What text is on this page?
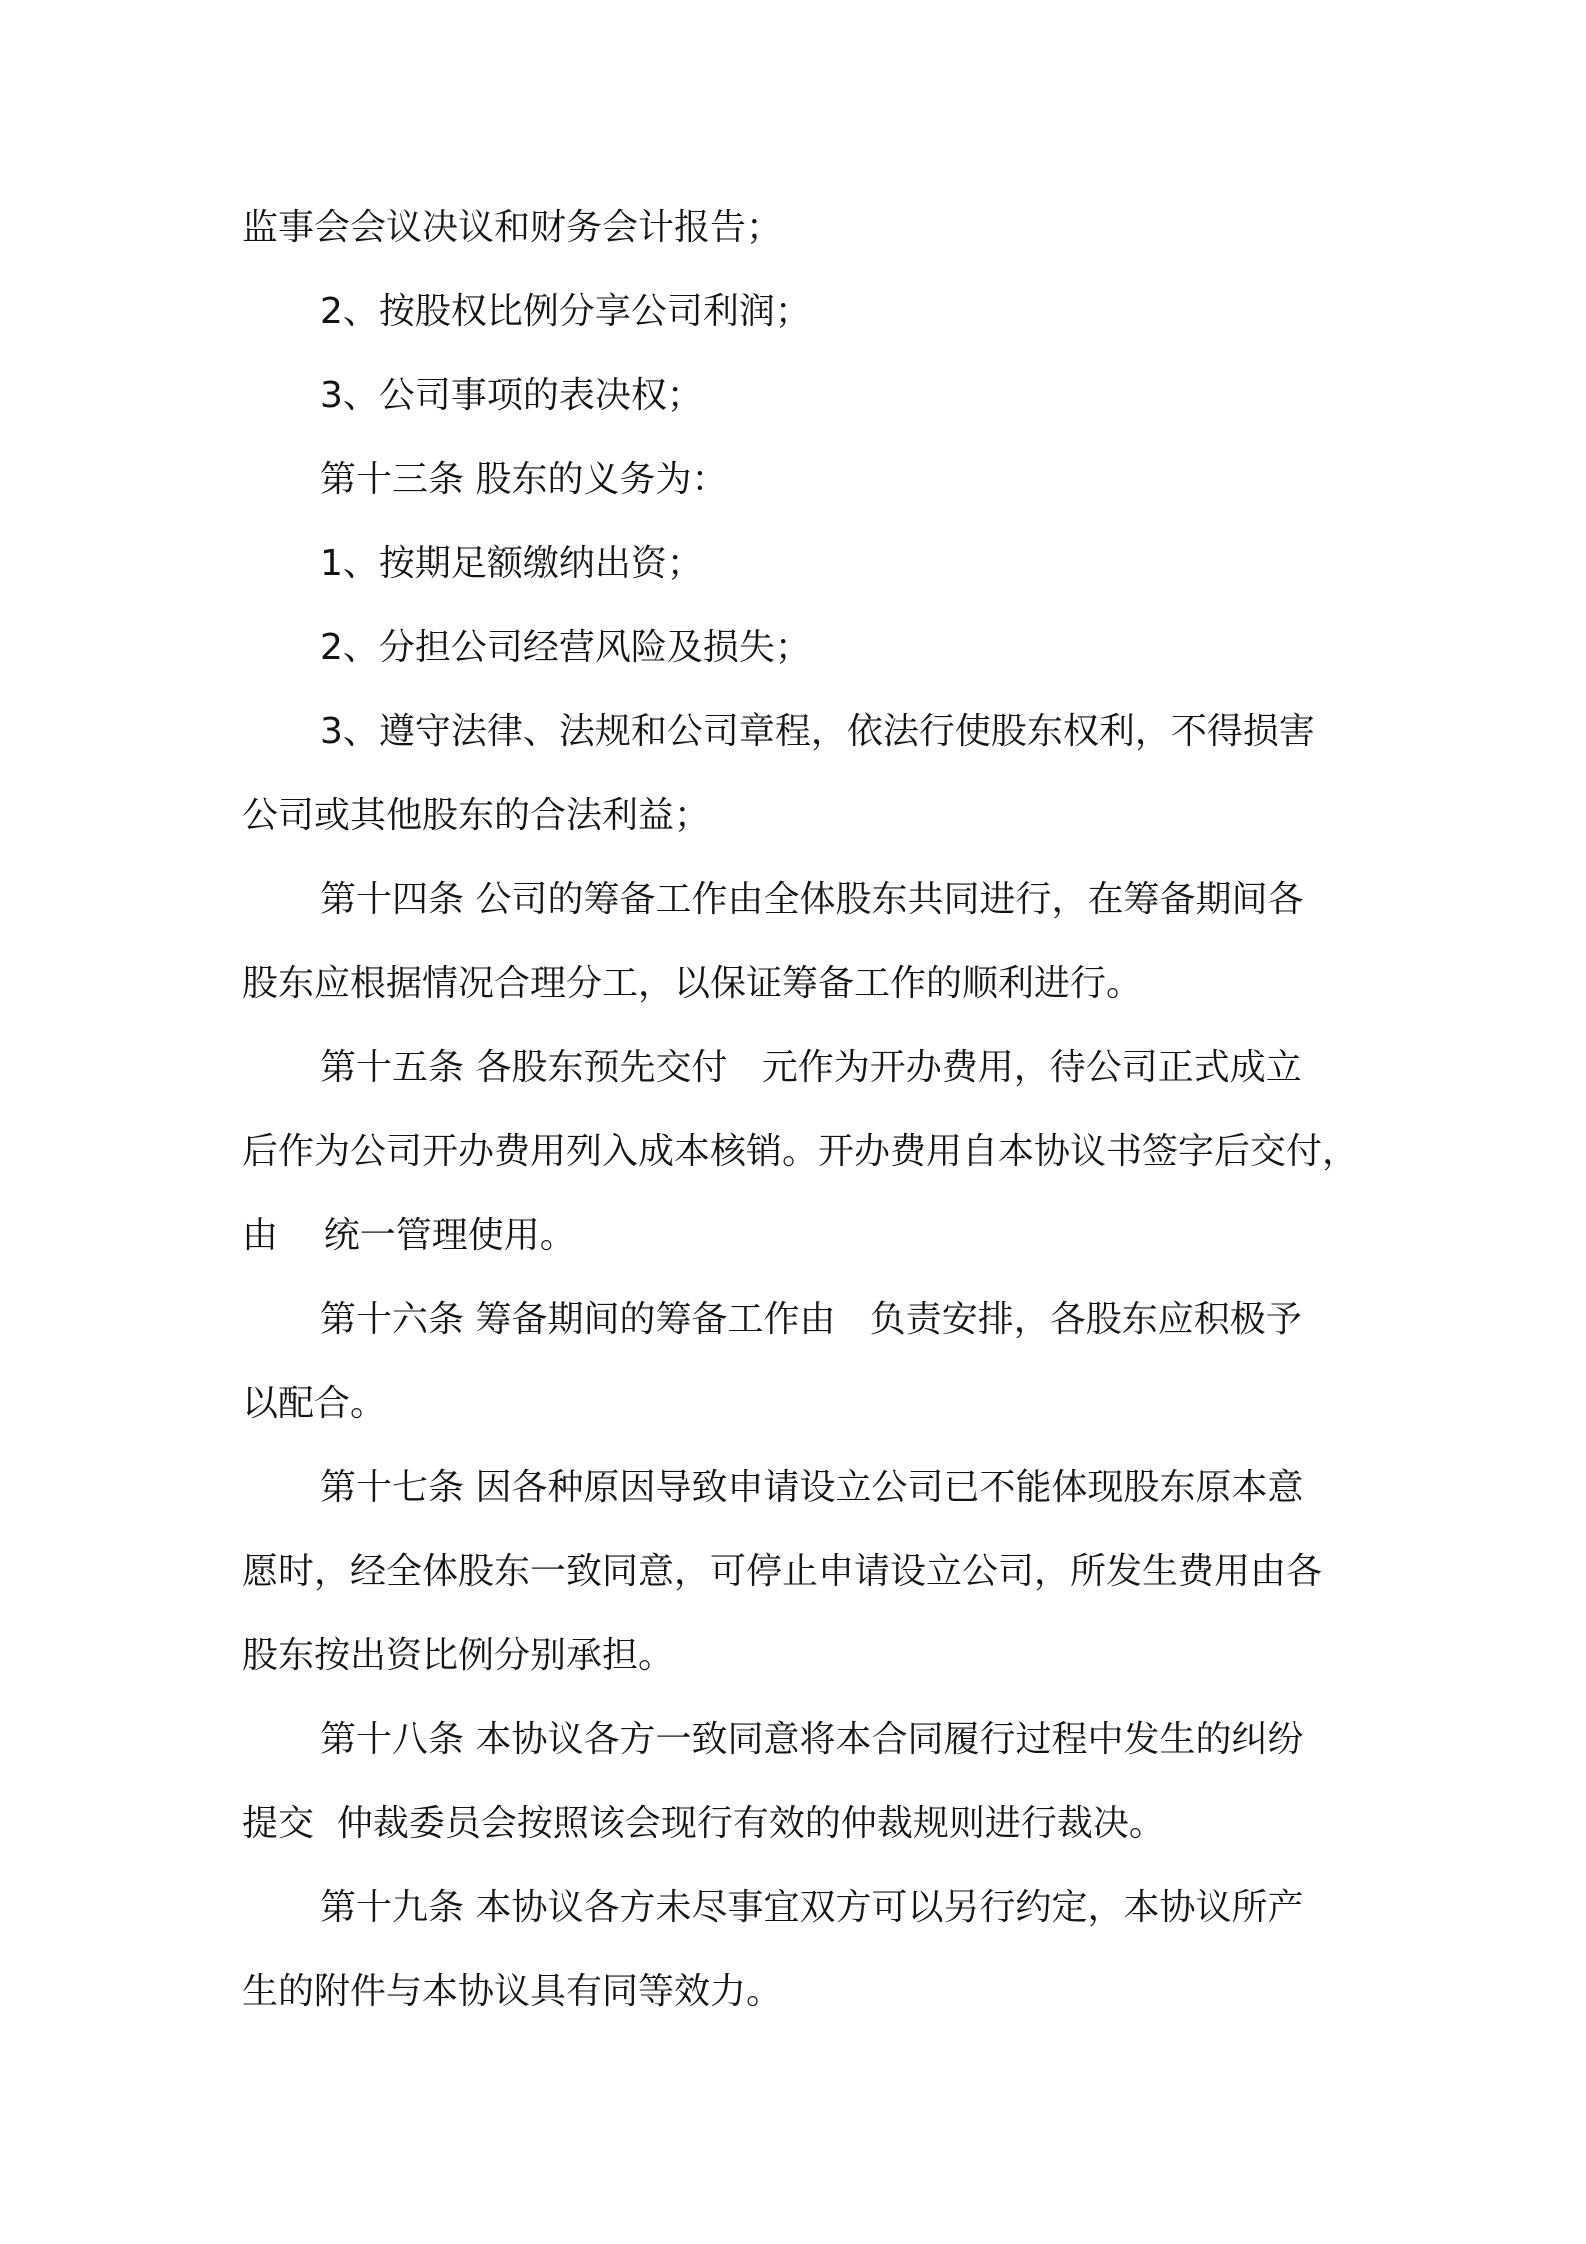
监事会会议决议和财务会计报告；
2、按股权比例分享公司利润；
3、公司事项的表决权；
第十三条 股东的义务为：
1、按期足额缴纳出资；
2、分担公司经营风险及损失；
3、遵守法律、法规和公司章程，依法行使股东权利，不得损害
公司或其他股东的合法利益；
第十四条 公司的筹备工作由全体股东共同进行，在筹备期间各
股东应根据情况合理分工，以保证筹备工作的顺利进行。
第十五条 各股东预先交付   元作为开办费用，待公司正式成立
后作为公司开办费用列入成本核销。开办费用自本协议书签字后交付，
由    统一管理使用。
第十六条 筹备期间的筹备工作由   负责安排，各股东应积极予
以配合。
第十七条 因各种原因导致申请设立公司已不能体现股东原本意
愿时，经全体股东一致同意，可停止申请设立公司，所发生费用由各
股东按出资比例分别承担。
第十八条 本协议各方一致同意将本合同履行过程中发生的纠纷
提交  仲裁委员会按照该会现行有效的仲裁规则进行裁决。
第十九条 本协议各方未尽事宜双方可以另行约定，本协议所产
生的附件与本协议具有同等效力。
